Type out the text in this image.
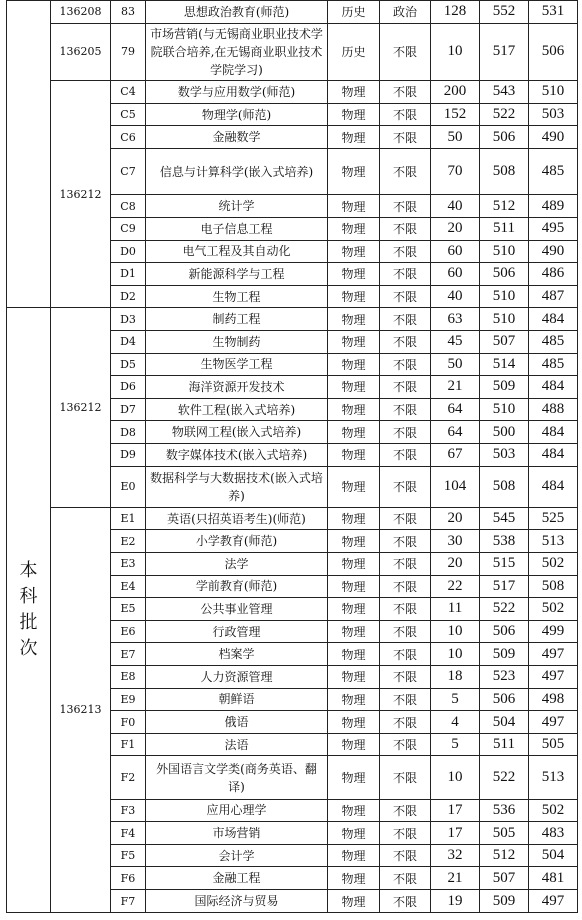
	136208	83	思想政治教育(师范)	历史	政治	128	552	531
	136205	79	市场营销(与无锡商业职业技术学院联合培养,在无锡商业职业技术学院学习)	历史	不限	10	517	506
	136212	C4	数学与应用数学(师范)	物理	不限	200	543	510
		C5	物理学(师范)	物理	不限	152	522	503
		C6	金融数学	物理	不限	50	506	490
		C7	信息与计算科学(嵌入式培养)	物理	不限	70	508	485
		C8	统计学	物理	不限	40	512	489
		C9	电子信息工程	物理	不限	20	511	495
		D0	电气工程及其自动化	物理	不限	60	510	490
		D1	新能源科学与工程	物理	不限	60	506	486
		D2	生物工程	物理	不限	40	510	487
本科批次	136212	D3	制药工程	物理	不限	63	510	484
		D4	生物制药	物理	不限	45	507	485
		D5	生物医学工程	物理	不限	50	514	485
		D6	海洋资源开发技术	物理	不限	21	509	484
		D7	软件工程(嵌入式培养)	物理	不限	64	510	488
		D8	物联网工程(嵌入式培养)	物理	不限	64	500	484
		D9	数字媒体技术(嵌入式培养)	物理	不限	67	503	484
		E0	数据科学与大数据技术(嵌入式培养)	物理	不限	104	508	484
	136213	E1	英语(只招英语考生)(师范)	物理	不限	20	545	525
		E2	小学教育(师范)	物理	不限	30	538	513
		E3	法学	物理	不限	20	515	502
		E4	学前教育(师范)	物理	不限	22	517	508
		E5	公共事业管理	物理	不限	11	522	502
		E6	行政管理	物理	不限	10	506	499
		E7	档案学	物理	不限	10	509	497
		E8	人力资源管理	物理	不限	18	523	497
		E9	朝鲜语	物理	不限	5	506	498
		F0	俄语	物理	不限	4	504	497
		F1	法语	物理	不限	5	511	505
		F2	外国语言文学类(商务英语、翻译)	物理	不限	10	522	513
		F3	应用心理学	物理	不限	17	536	502
		F4	市场营销	物理	不限	17	505	483
		F5	会计学	物理	不限	32	512	504
		F6	金融工程	物理	不限	21	507	481
		F7	国际经济与贸易	物理	不限	19	509	497
